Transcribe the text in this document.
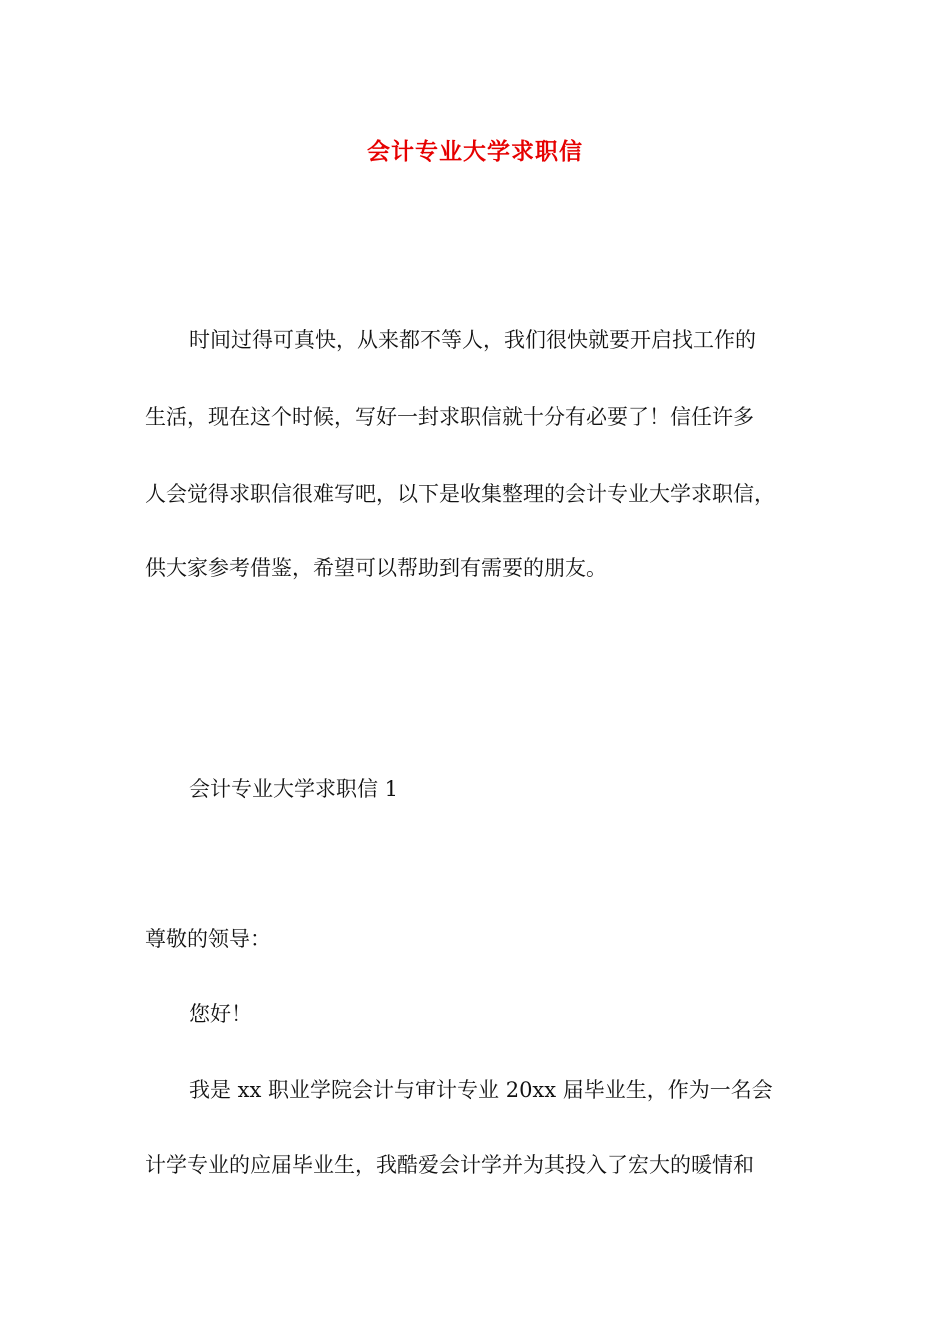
会计专业大学求职信
时间过得可真快，从来都不等人，我们很快就要开启找工作的
生活，现在这个时候，写好一封求职信就十分有必要了！信任许多
人会觉得求职信很难写吧，以下是收集整理的会计专业大学求职信，
供大家参考借鉴，希望可以帮助到有需要的朋友。
会计专业大学求职信 1
尊敬的领导：
您好！
我是 xx 职业学院会计与审计专业 20xx 届毕业生，作为一名会
计学专业的应届毕业生，我酷爱会计学并为其投入了宏大的暖情和
